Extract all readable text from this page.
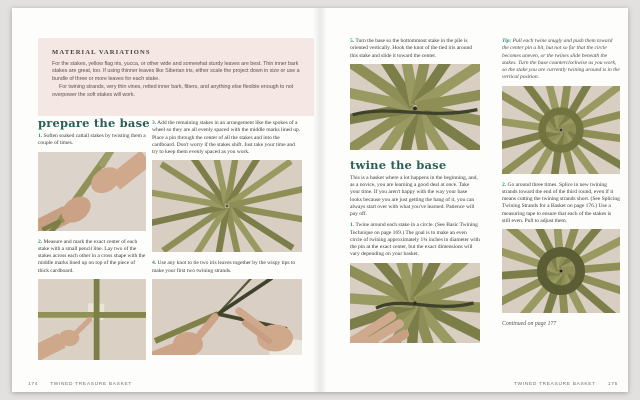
MATERIAL VARIATIONS

For the stakes, yellow flag iris, yucca, or other wide and somewhat sturdy leaves are best. Thin inner bark stakes are great, too. If using thinner leaves like Siberian iris, either scale the project down in size or use a bundle of three or more leaves for each stake.

For twining strands, very thin vines, retted inner bark, fibers, and anything else flexible enough to not overpower the soft stakes will work.

prepare the base

1. Soften soaked cattail stakes by twisting them a couple of times.

2. Measure and mark the exact center of each stake with a small pencil line. Lay two of the stakes across each other in a cross shape with the middle marks lined up on top of the piece of thick cardboard.

3. Add the remaining stakes in an arrangement like the spokes of a wheel so they are all evenly spaced with the middle marks lined up. Place a pin through the center of all the stakes and into the cardboard. Don't worry if the stakes shift. Just take your time and try to keep them evenly spaced as you work.

4. Use any knot to tie two iris leaves together by the wispy tips to make your first two twining strands.

174 TWINED TREASURE BASKET

5. Turn the base so the bottommost stake in the pile is oriented vertically. Hook the knot of the tied iris around this stake and slide it toward the center.

twine the base

This is a basket where a lot happens in the beginning, and, as a novice, you are learning a good deal at once. Take your time. If you aren't happy with the way your base looks because you are just getting the hang of it, you can always start over with what you've learned. Patience will pay off.

1. Twine around each stake in a circle. (See Basic Twining Technique on page 169.) The goal is to make an even circle of twining approximately 1¾ inches in diameter with the pin at the exact center, but the exact dimensions will vary depending on your basket.

Tip: Pull each twine snugly and push them toward the center pin a bit, but not so far that the circle becomes uneven, or the twines slide beneath the stakes. Turn the base counterclockwise as you work, so the stake you are currently twining around is in the vertical position.

2. Go around three times. Splice in new twining strands toward the end of the third round, even if it means cutting the twining strands short. (See Splicing Twining Strands for a Basket on page 176.) Use a measuring tape to ensure that each of the stakes is still even. Pull to adjust them.

Continued on page 177

TWINED TREASURE BASKET	175
